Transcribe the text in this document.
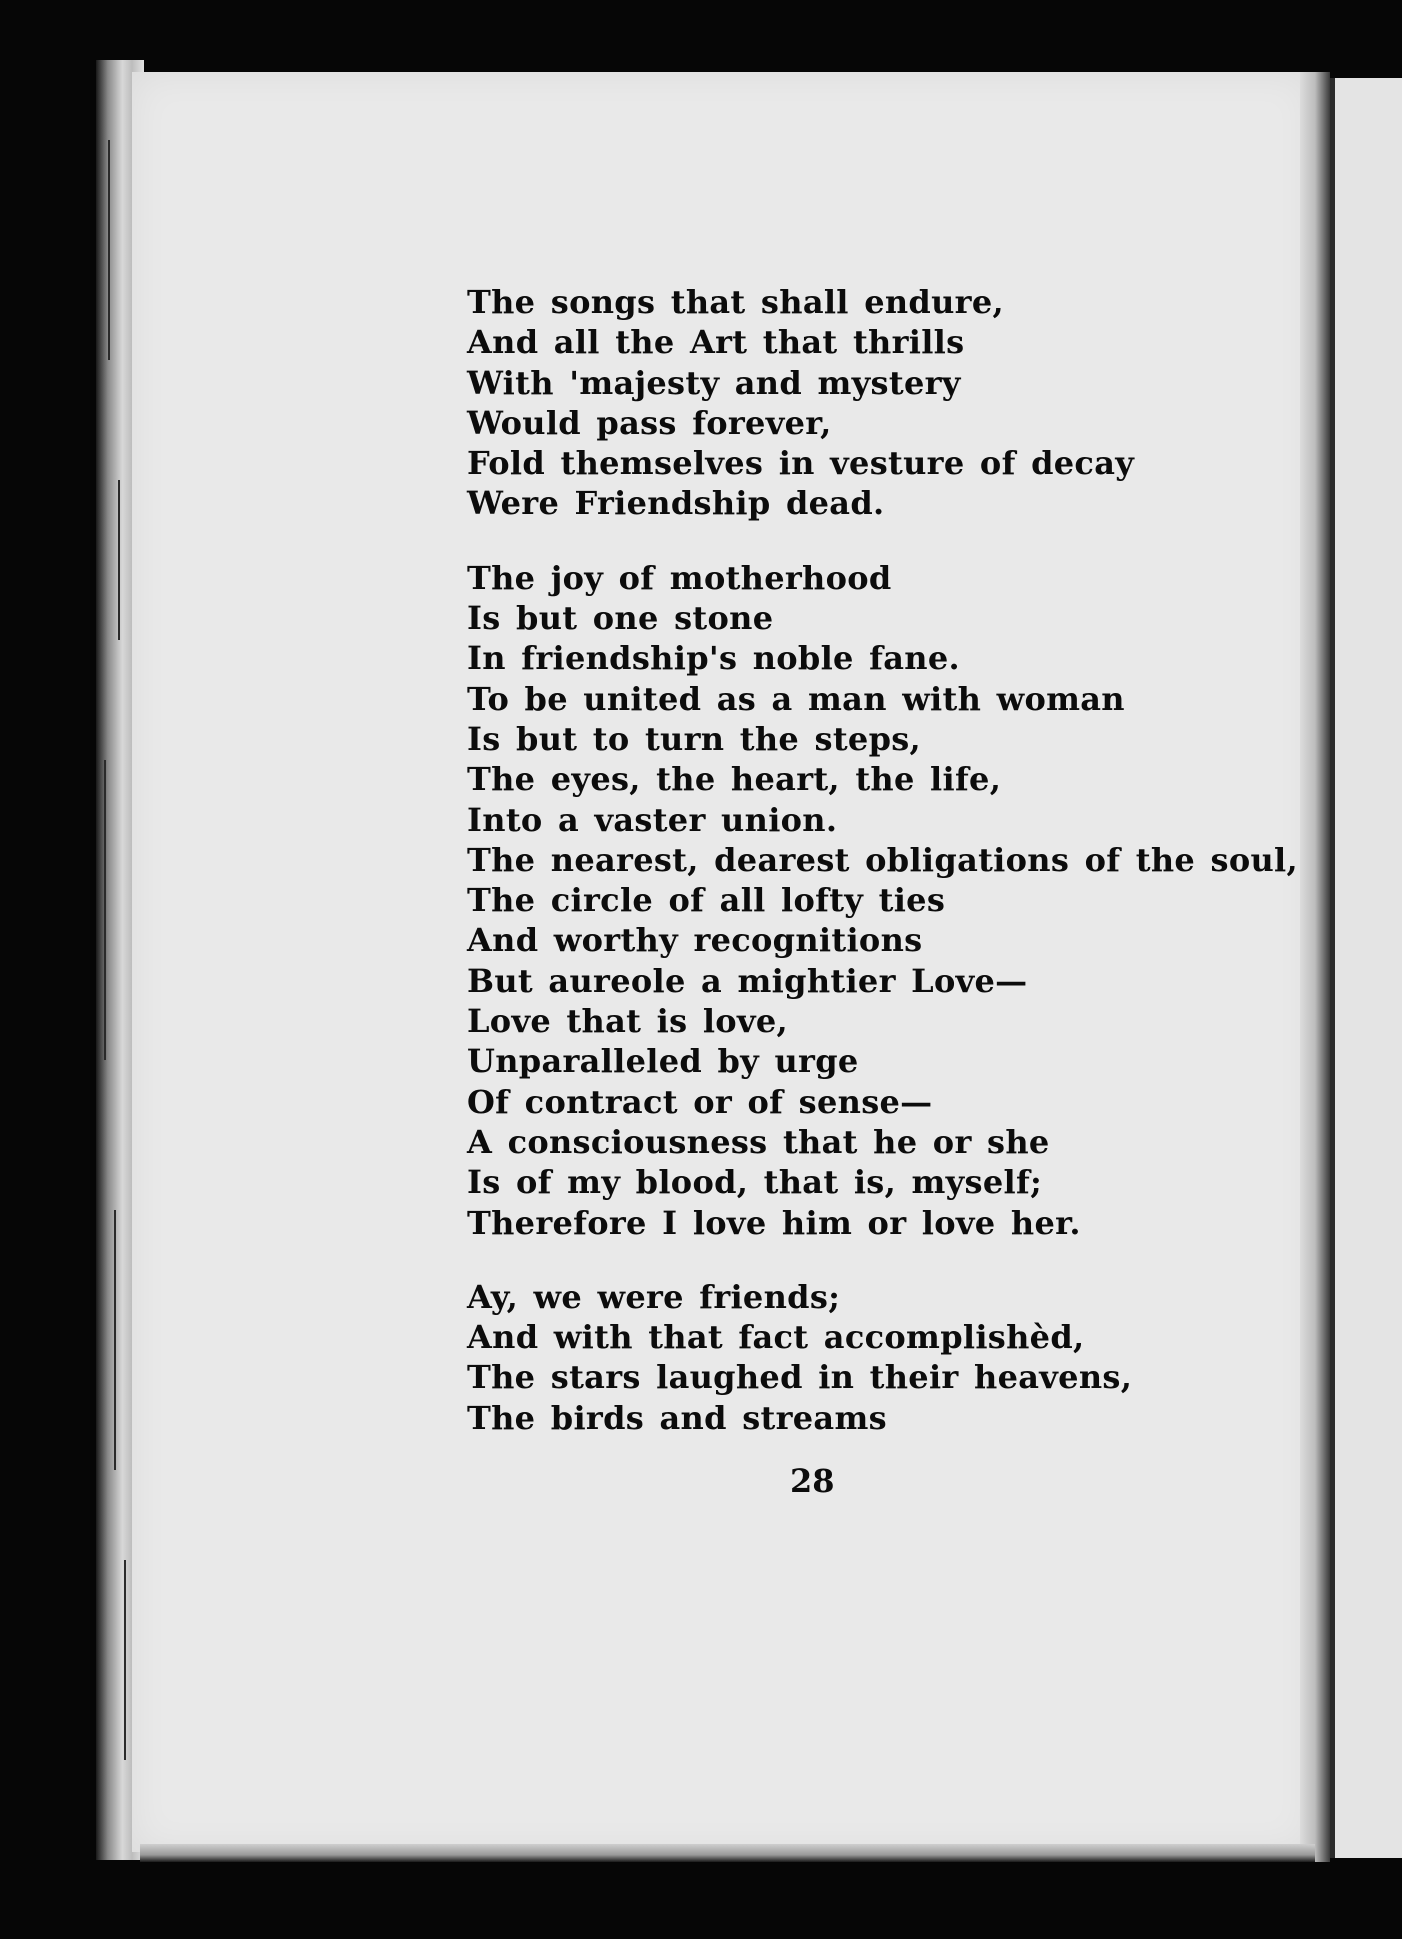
The songs that shall endure,
And all the Art that thrills
With 'majesty and mystery
Would pass forever,
Fold themselves in vesture of decay
Were Friendship dead.
The joy of motherhood
Is but one stone
In friendship's noble fane.
To be united as a man with woman
Is but to turn the steps,
The eyes, the heart, the life,
Into a vaster union.
The nearest, dearest obligations of the soul,
The circle of all lofty ties
And worthy recognitions
But aureole a mightier Love—
Love that is love,
Unparalleled by urge
Of contract or of sense—
A consciousness that he or she
Is of my blood, that is, myself;
Therefore I love him or love her.
Ay, we were friends;
And with that fact accomplishèd,
The stars laughed in their heavens,
The birds and streams
28
